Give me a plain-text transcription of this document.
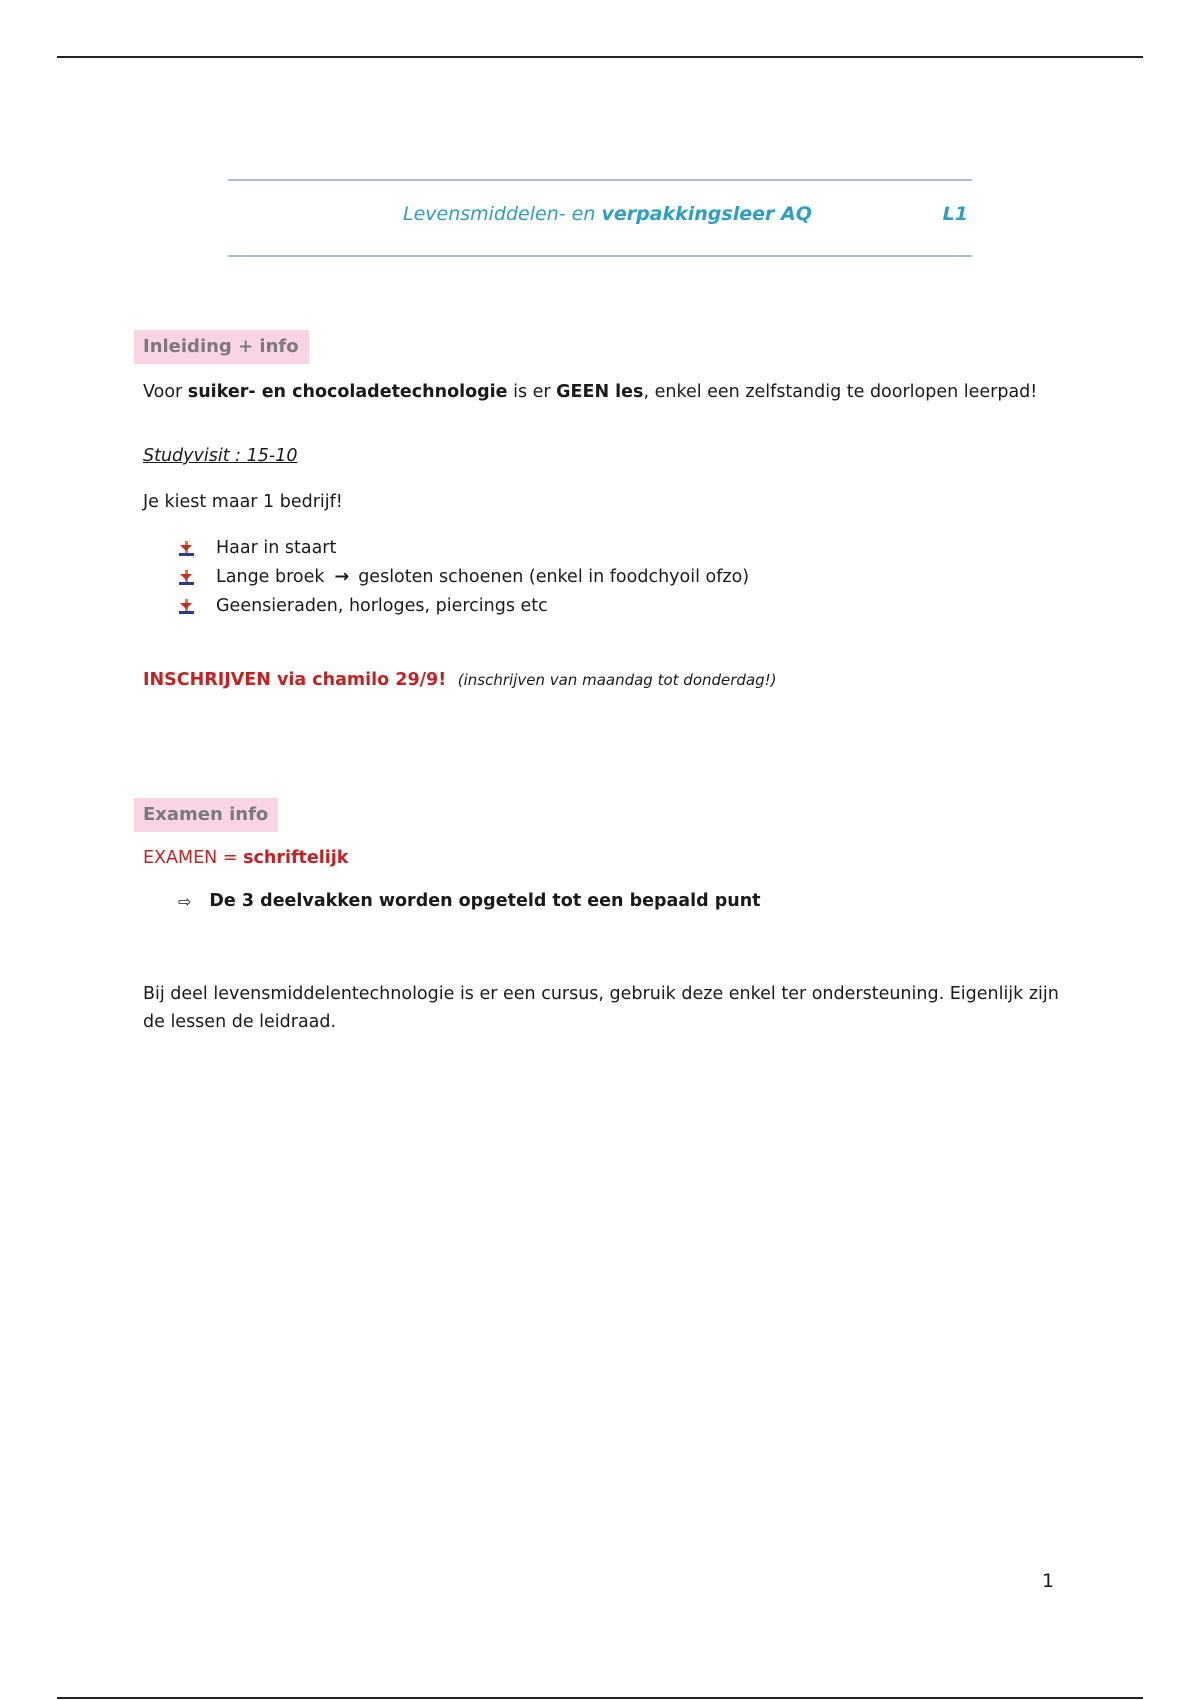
Levensmiddelen- en verpakkingsleer AQ	L1
Inleiding + info
Voor suiker- en chocoladetechnologie is er GEEN les, enkel een zelfstandig te doorlopen leerpad!
Studyvisit : 15-10
Je kiest maar 1 bedrijf!
Haar in staart
Lange broek → gesloten schoenen (enkel in foodchyoil ofzo)
Geensieraden, horloges, piercings etc
INSCHRIJVEN via chamilo 29/9! (inschrijven van maandag tot donderdag!)
Examen info
EXAMEN = schriftelijk
⇨ De 3 deelvakken worden opgeteld tot een bepaald punt
Bij deel levensmiddelentechnologie is er een cursus, gebruik deze enkel ter ondersteuning. Eigenlijk zijn
de lessen de leidraad.
1
